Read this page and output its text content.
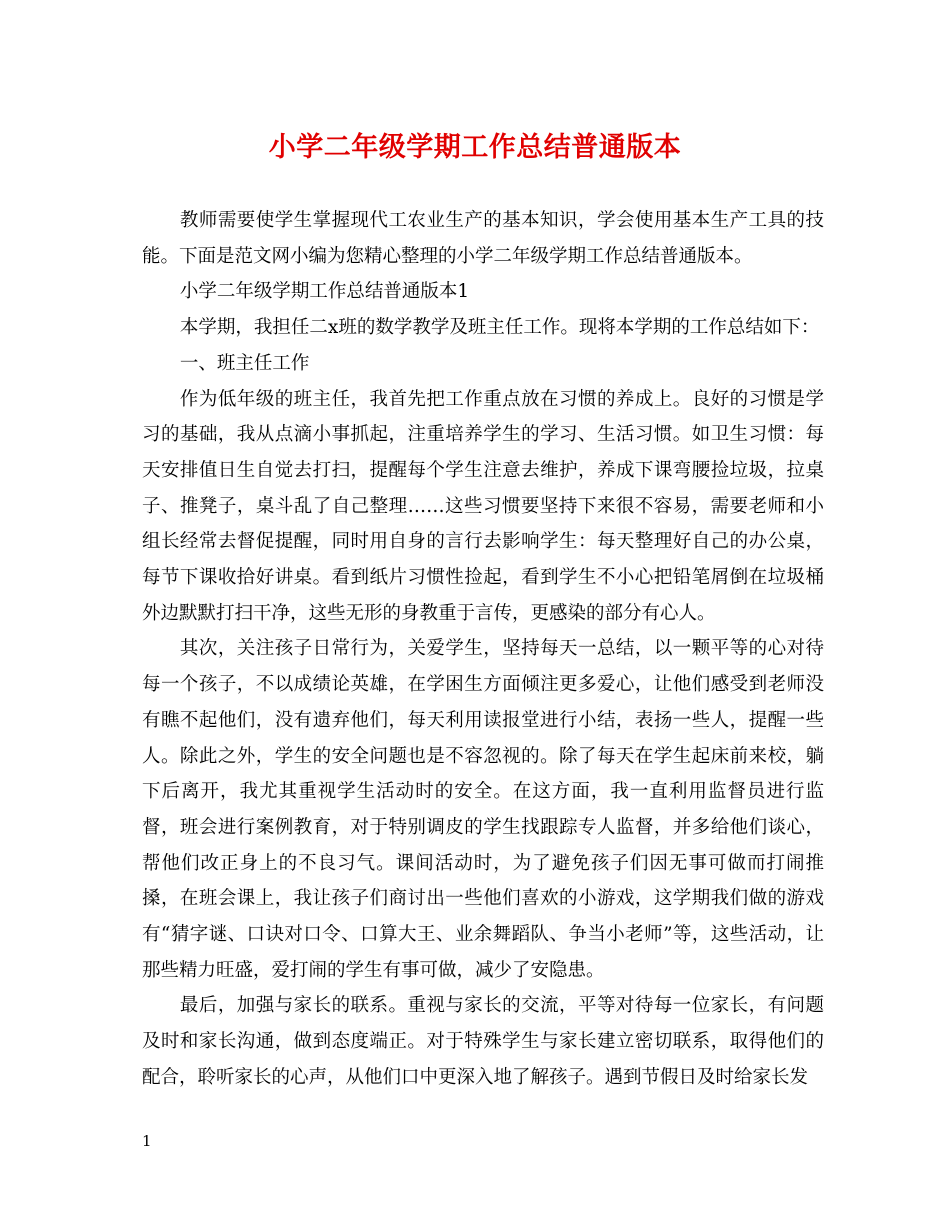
小学二年级学期工作总结普通版本

教师需要使学生掌握现代工农业生产的基本知识，学会使用基本生产工具的技能。下面是范文网小编为您精心整理的小学二年级学期工作总结普通版本。

小学二年级学期工作总结普通版本1

本学期，我担任二x班的数学教学及班主任工作。现将本学期的工作总结如下：

一、班主任工作

作为低年级的班主任，我首先把工作重点放在习惯的养成上。良好的习惯是学习的基础，我从点滴小事抓起，注重培养学生的学习、生活习惯。如卫生习惯：每天安排值日生自觉去打扫，提醒每个学生注意去维护，养成下课弯腰捡垃圾，拉桌子、推凳子，桌斗乱了自己整理……这些习惯要坚持下来很不容易，需要老师和小组长经常去督促提醒，同时用自身的言行去影响学生：每天整理好自己的办公桌，每节下课收拾好讲桌。看到纸片习惯性捡起，看到学生不小心把铅笔屑倒在垃圾桶外边默默打扫干净，这些无形的身教重于言传，更感染的部分有心人。

其次，关注孩子日常行为，关爱学生，坚持每天一总结，以一颗平等的心对待每一个孩子，不以成绩论英雄，在学困生方面倾注更多爱心，让他们感受到老师没有瞧不起他们，没有遗弃他们，每天利用读报堂进行小结，表扬一些人，提醒一些人。除此之外，学生的安全问题也是不容忽视的。除了每天在学生起床前来校，躺下后离开，我尤其重视学生活动时的安全。在这方面，我一直利用监督员进行监督，班会进行案例教育，对于特别调皮的学生找跟踪专人监督，并多给他们谈心，帮他们改正身上的不良习气。课间活动时，为了避免孩子们因无事可做而打闹推搡，在班会课上，我让孩子们商讨出一些他们喜欢的小游戏，这学期我们做的游戏有“猜字谜、口诀对口令、口算大王、业余舞蹈队、争当小老师”等，这些活动，让那些精力旺盛，爱打闹的学生有事可做，减少了安隐患。

最后，加强与家长的联系。重视与家长的交流，平等对待每一位家长，有问题及时和家长沟通，做到态度端正。对于特殊学生与家长建立密切联系，取得他们的配合，聆听家长的心声，从他们口中更深入地了解孩子。遇到节假日及时给家长发

1
